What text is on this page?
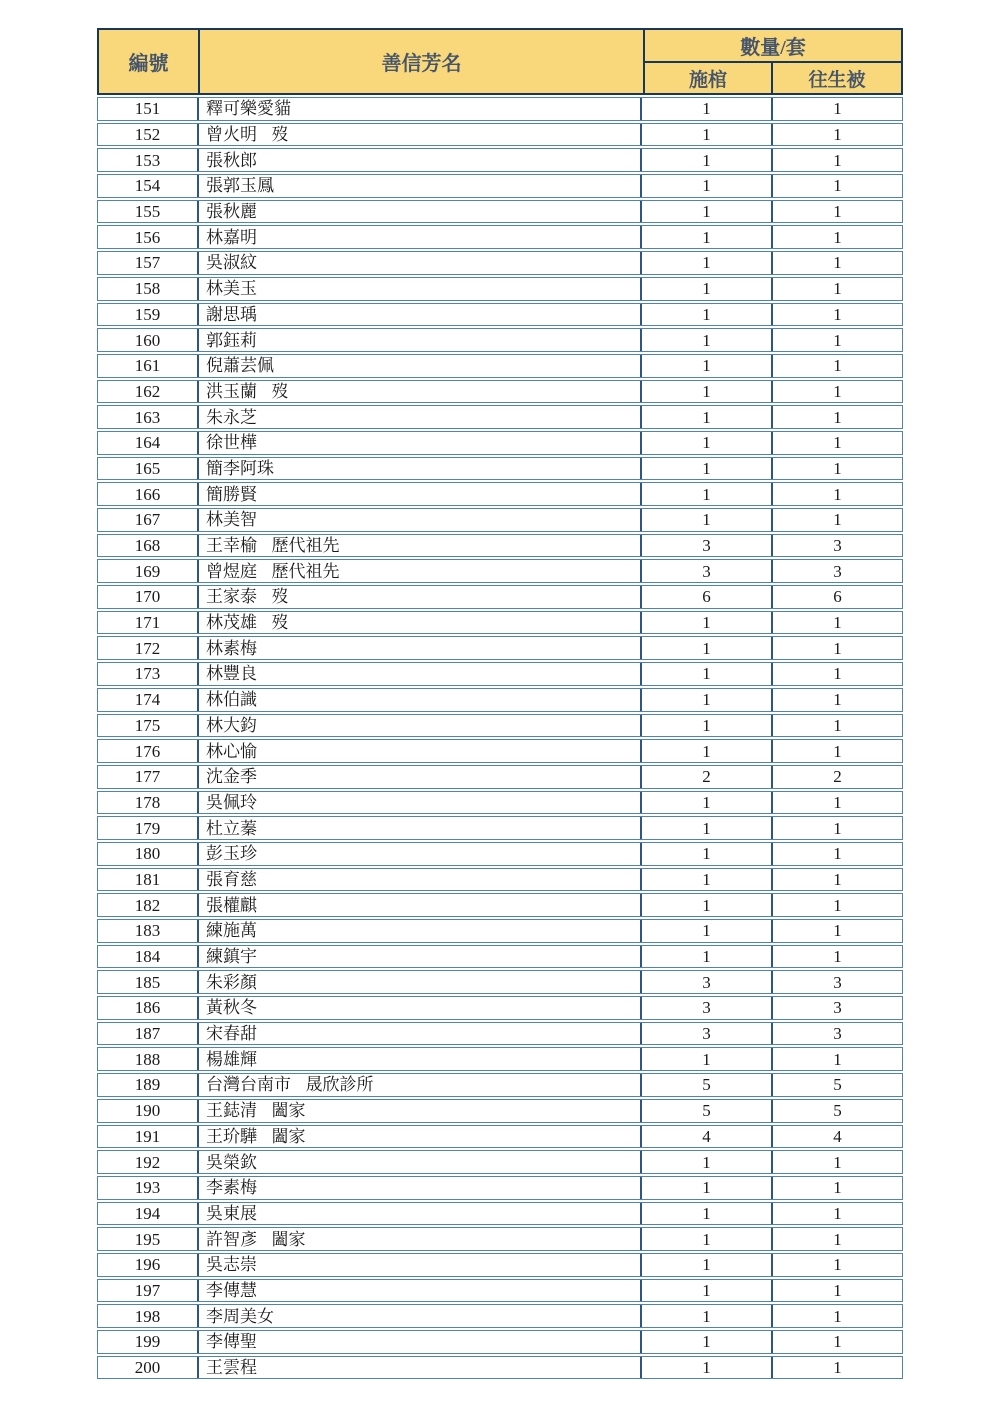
編號	善信芳名
數量/套
施棺	往生被
151	釋可樂愛貓	1	1
152	曾火明 歿	1	1
153	張秋郎	1	1
154	張郭玉鳳	1	1
155	張秋麗	1	1
156	林嘉明	1	1
157	吳淑紋	1	1
158	林美玉	1	1
159	謝思瑀	1	1
160	郭鈺莉	1	1
161	倪蕭芸佩	1	1
162	洪玉蘭 歿	1	1
163	朱永芝	1	1
164	徐世樺	1	1
165	簡李阿珠	1	1
166	簡勝賢	1	1
167	林美智	1	1
168	王幸榆 歷代祖先	3	3
169	曾煜庭 歷代祖先	3	3
170	王家泰 歿	6	6
171	林茂雄 歿	1	1
172	林素梅	1	1
173	林豐良	1	1
174	林伯識	1	1
175	林大鈞	1	1
176	林心愉	1	1
177	沈金季	2	2
178	吳佩玲	1	1
179	杜立蓁	1	1
180	彭玉珍	1	1
181	張育慈	1	1
182	張權麒	1	1
183	練施萬	1	1
184	練鎮宇	1	1
185	朱彩顏	3	3
186	黃秋冬	3	3
187	宋春甜	3	3
188	楊雄輝	1	1
189	台灣台南市 晟欣診所	5	5
190	王鋕清 闔家	5	5
191	王玠驊 闔家	4	4
192	吳榮欽	1	1
193	李素梅	1	1
194	吳東展	1	1
195	許智彥 闔家	1	1
196	吳志崇	1	1
197	李傳慧	1	1
198	李周美女	1	1
199	李傳聖	1	1
200	王雲程	1	1
